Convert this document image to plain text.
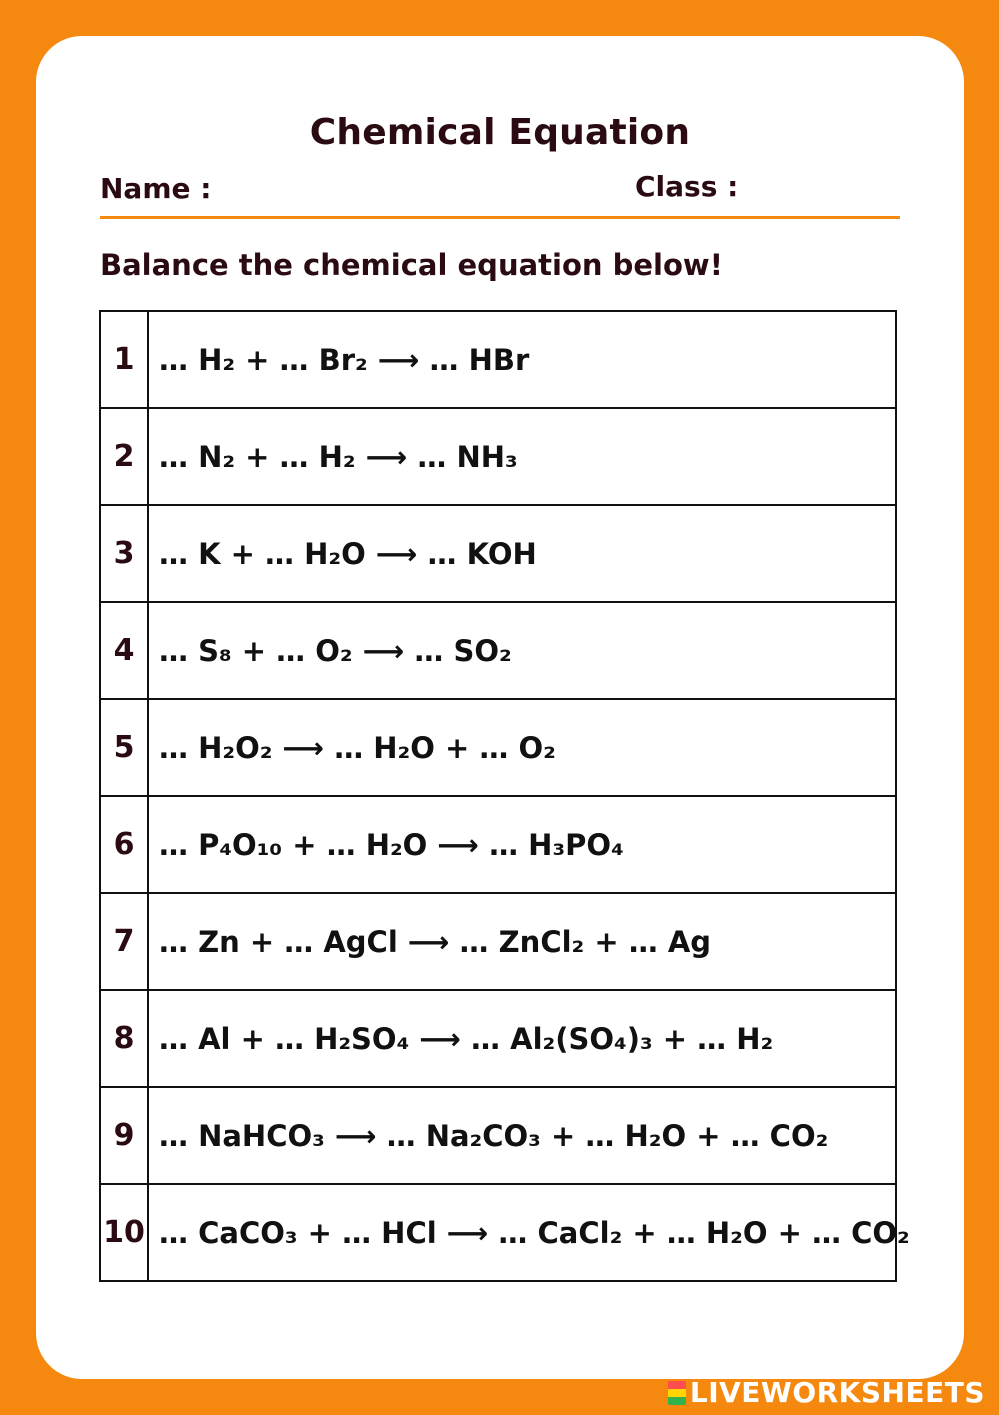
Chemical Equation
Name :	Class :
Balance the chemical equation below!
1	… H₂ + … Br₂ ⟶ … HBr
2	… N₂ + … H₂ ⟶ … NH₃
3	… K + … H₂O ⟶ … KOH
4	… S₈ + … O₂ ⟶ … SO₂
5	… H₂O₂ ⟶ … H₂O + … O₂
6	… P₄O₁₀ + … H₂O ⟶ … H₃PO₄
7	… Zn + … AgCl ⟶ … ZnCl₂ + … Ag
8	… Al + … H₂SO₄ ⟶ … Al₂(SO₄)₃ + … H₂
9	… NaHCO₃ ⟶ … Na₂CO₃ + … H₂O + … CO₂
10	… CaCO₃ + … HCl ⟶ … CaCl₂ + … H₂O + … CO₂
LIVEWORKSHEETS
